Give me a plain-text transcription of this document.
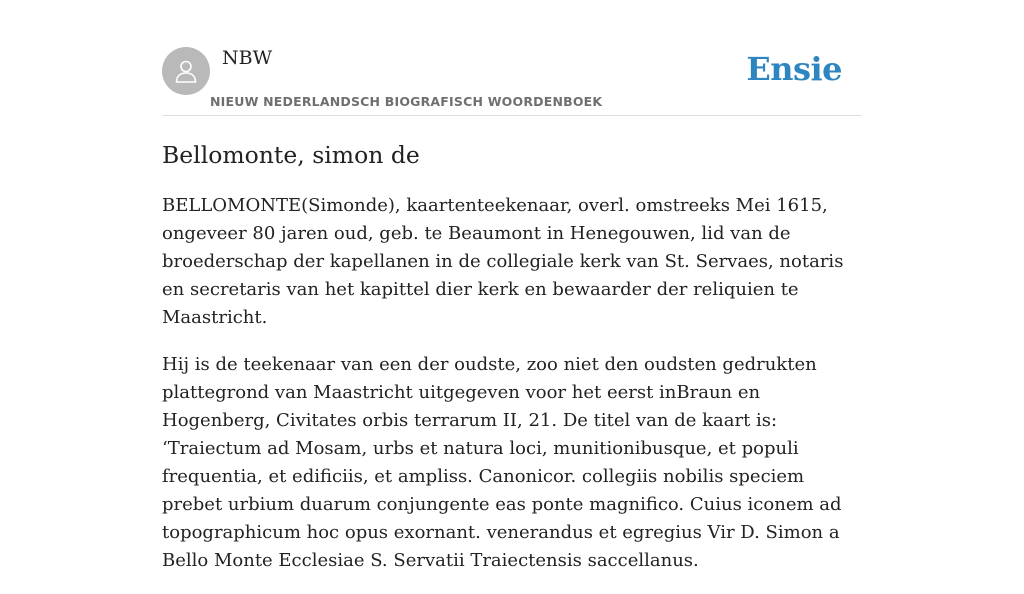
NBW
NIEUW NEDERLANDSCH BIOGRAFISCH WOORDENBOEK
Ensie
Bellomonte, simon de

BELLOMONTE(Simonde), kaartenteekenaar, overl. omstreeks Mei 1615, ongeveer 80 jaren oud, geb. te Beaumont in Henegouwen, lid van de broederschap der kapellanen in de collegiale kerk van St. Servaes, notaris en secretaris van het kapittel dier kerk en bewaarder der reliquien te Maastricht.

Hij is de teekenaar van een der oudste, zoo niet den oudsten gedrukten plattegrond van Maastricht uitgegeven voor het eerst inBraun en Hogenberg, Civitates orbis terrarum II, 21. De titel van de kaart is: ‘Traiectum ad Mosam, urbs et natura loci, munitionibusque, et populi frequentia, et edificiis, et ampliss. Canonicor. collegiis nobilis speciem prebet urbium duarum conjungente eas ponte magnifico. Cuius iconem ad topographicum hoc opus exornant. venerandus et egregius Vir D. Simon a Bello Monte Ecclesiae S. Servatii Traiectensis saccellanus.
